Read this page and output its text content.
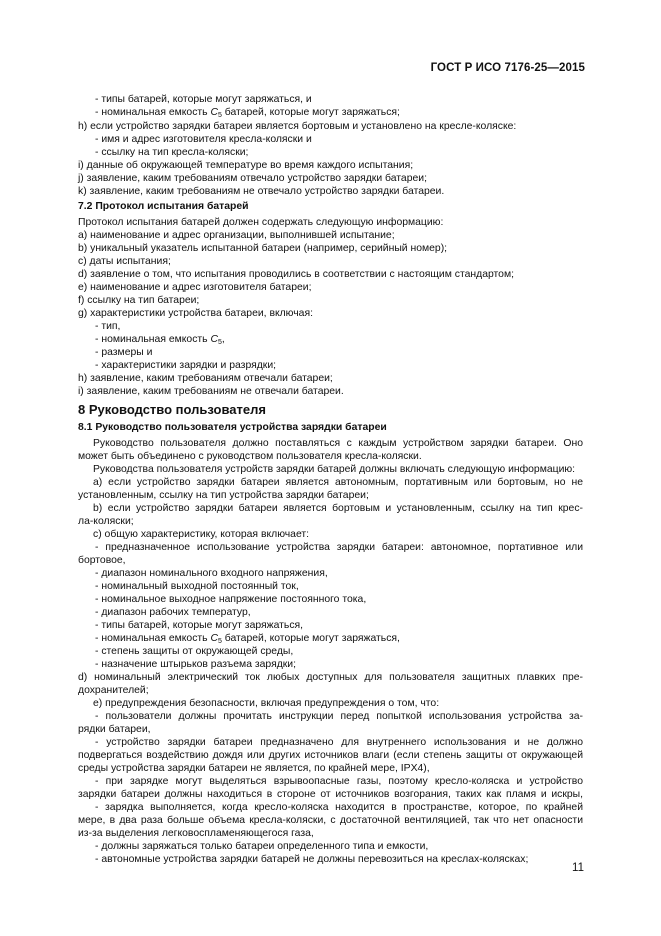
ГОСТ Р ИСО 7176-25—2015
11
- типы батарей, которые могут заряжаться, и
- номинальная емкость $C_5$ батарей, которые могут заряжаться;
h) если устройство зарядки батареи является бортовым и установлено на кресле-коляске:
- имя и адрес изготовителя кресла-коляски и
- ссылку на тип кресла-коляски;
i) данные об окружающей температуре во время каждого испытания;
j) заявление, каким требованиям отвечало устройство зарядки батареи;
k) заявление, каким требованиям не отвечало устройство зарядки батареи.
7.2 Протокол испытания батарей
Протокол испытания батарей должен содержать следующую информацию:
a) наименование и адрес организации, выполнившей испытание;
b) уникальный указатель испытанной батареи (например, серийный номер);
c) даты испытания;
d) заявление о том, что испытания проводились в соответствии с настоящим стандартом;
e) наименование и адрес изготовителя батареи;
f) ссылку на тип батареи;
g) характеристики устройства батареи, включая:
- тип,
- номинальная емкость $C_5$,
- размеры и
- характеристики зарядки и разрядки;
h) заявление, каким требованиям отвечали батареи;
i) заявление, каким требованиям не отвечали батареи.
8 Руководство пользователя
8.1 Руководство пользователя устройства зарядки батареи
Руководство пользователя должно поставляться с каждым устройством зарядки батареи. Оно
может быть объединено с руководством пользователя кресла-коляски.
Руководства пользователя устройств зарядки батарей должны включать следующую информацию:
a) если устройство зарядки батареи является автономным, портативным или бортовым, но не
установленным, ссылку на тип устройства зарядки батареи;
b) если устройство зарядки батареи является бортовым и установленным, ссылку на тип крес-
ла-коляски;
c) общую характеристику, которая включает:
- предназначенное использование устройства зарядки батареи: автономное, портативное или
бортовое,
- диапазон номинального входного напряжения,
- номинальный выходной постоянный ток,
- номинальное выходное напряжение постоянного тока,
- диапазон рабочих температур,
- типы батарей, которые могут заряжаться,
- номинальная емкость $C_5$ батарей, которые могут заряжаться,
- степень защиты от окружающей среды,
- назначение штырьков разъема зарядки;
d) номинальный электрический ток любых доступных для пользователя защитных плавких пре-
дохранителей;
e) предупреждения безопасности, включая предупреждения о том, что:
- пользователи должны прочитать инструкции перед попыткой использования устройства за-
рядки батареи,
- устройство зарядки батареи предназначено для внутреннего использования и не должно
подвергаться воздействию дождя или других источников влаги (если степень защиты от окружающей
среды устройства зарядки батареи не является, по крайней мере, IPX4),
- при зарядке могут выделяться взрывоопасные газы, поэтому кресло-коляска и устройство
зарядки батареи должны находиться в стороне от источников возгорания, таких как пламя и искры,
- зарядка выполняется, когда кресло-коляска находится в пространстве, которое, по крайней
мере, в два раза больше объема кресла-коляски, с достаточной вентиляцией, так что нет опасности
из-за выделения легковоспламеняющегося газа,
- должны заряжаться только батареи определенного типа и емкости,
- автономные устройства зарядки батарей не должны перевозиться на креслах-колясках;
